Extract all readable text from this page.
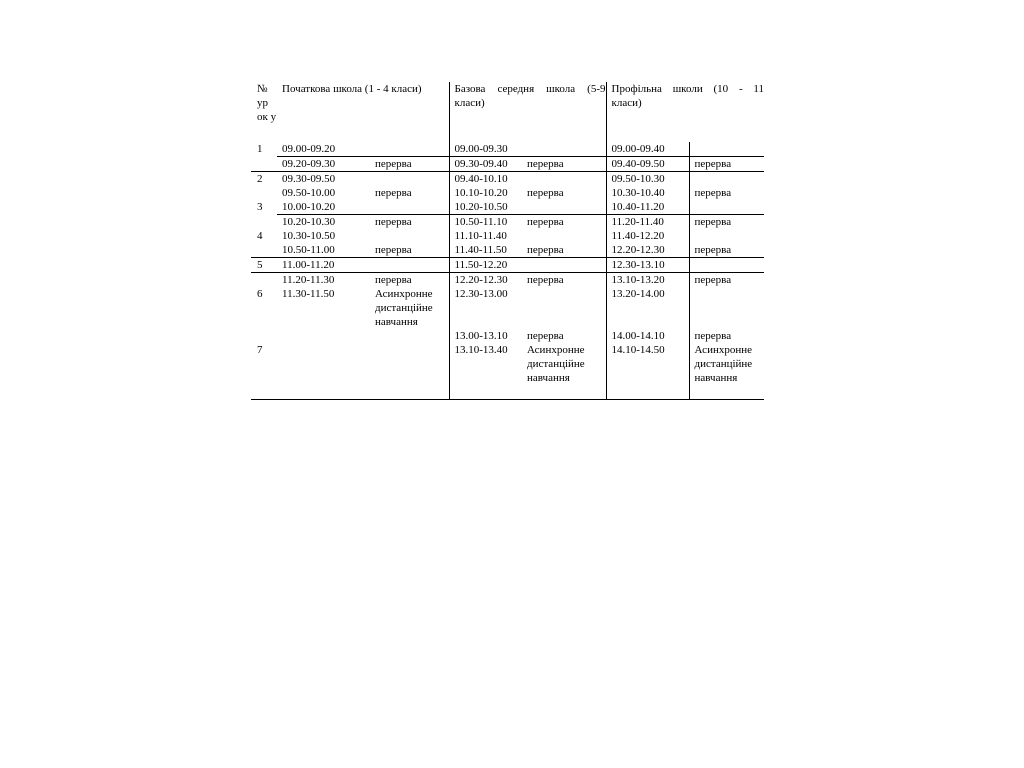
№ ур ок у	Початкова школа (1 - 4 класи)		Базова середня школа (5-9 класи)		Профільна школи (10 - 11 класи)	
1	09.00-09.20		09.00-09.30		09.00-09.40	
	09.20-09.30	перерва	09.30-09.40	перерва	09.40-09.50	перерва
2	09.30-09.50		09.40-10.10		09.50-10.30	
	09.50-10.00	перерва	10.10-10.20	перерва	10.30-10.40	перерва
3	10.00-10.20		10.20-10.50		10.40-11.20	
	10.20-10.30	перерва	10.50-11.10	перерва	11.20-11.40	перерва
4	10.30-10.50		11.10-11.40		11.40-12.20	
	10.50-11.00	перерва	11.40-11.50	перерва	12.20-12.30	перерва
5	11.00-11.20		11.50-12.20		12.30-13.10	
	11.20-11.30	перерва	12.20-12.30	перерва	13.10-13.20	перерва
6	11.30-11.50	Асинхронне дистанційне навчання	12.30-13.00		13.20-14.00	
			13.00-13.10	перерва	14.00-14.10	перерва
7			13.10-13.40	Асинхронне дистанційне навчання	14.10-14.50	Асинхронне дистанційне навчання
